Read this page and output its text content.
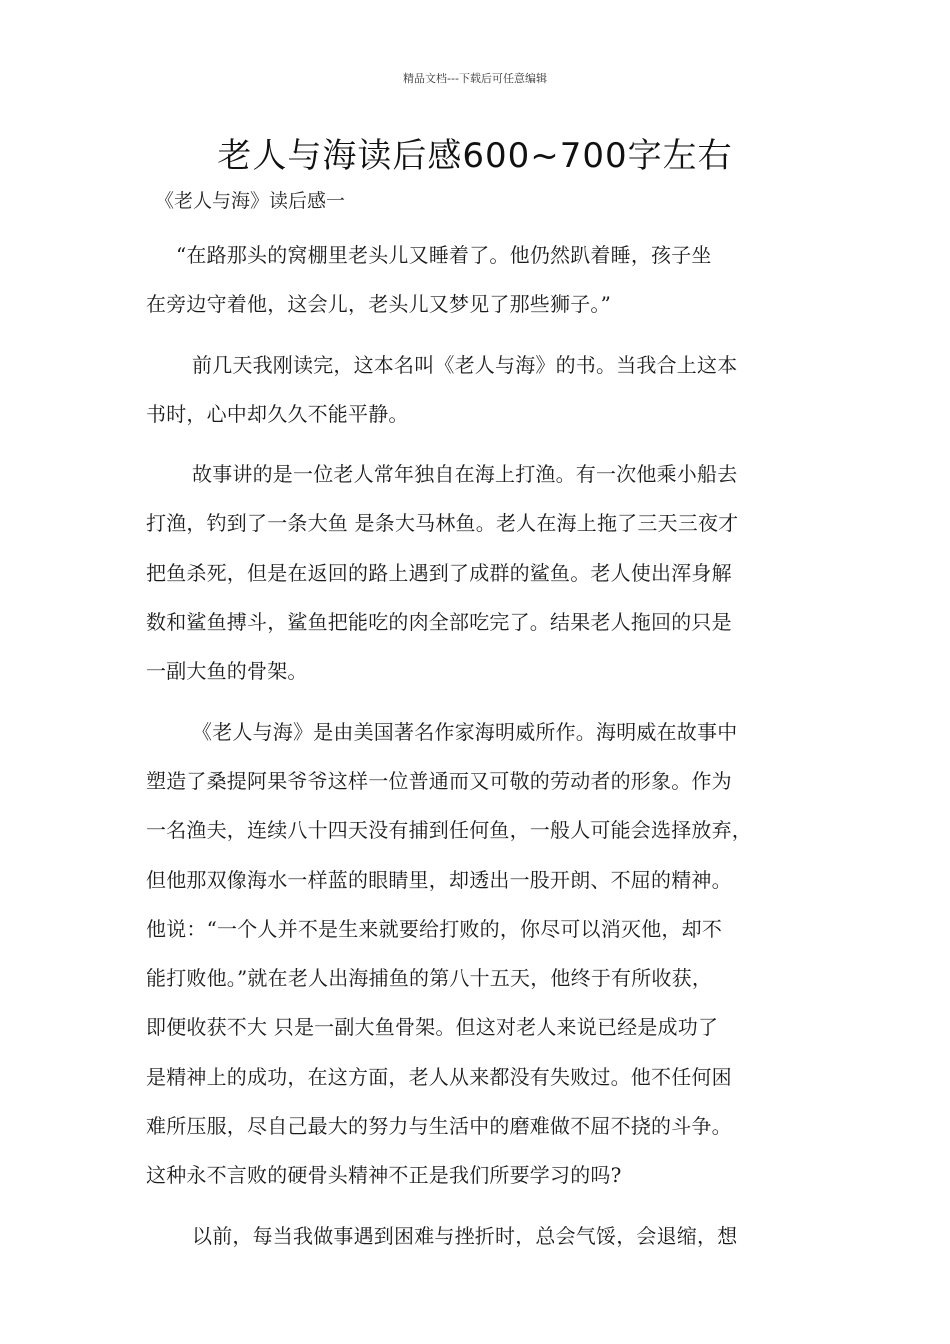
精品文档---下载后可任意编辑
老人与海读后感600~700字左右
《老人与海》读后感一
“在路那头的窝棚里老头儿又睡着了。他仍然趴着睡，孩子坐
在旁边守着他，这会儿，老头儿又梦见了那些狮子。”
前几天我刚读完，这本名叫《老人与海》的书。当我合上这本
书时，心中却久久不能平静。
故事讲的是一位老人常年独自在海上打渔。有一次他乘小船去
打渔，钓到了一条大鱼 是条大马林鱼。老人在海上拖了三天三夜才
把鱼杀死，但是在返回的路上遇到了成群的鲨鱼。老人使出浑身解
数和鲨鱼搏斗，鲨鱼把能吃的肉全部吃完了。结果老人拖回的只是
一副大鱼的骨架。
《老人与海》是由美国著名作家海明威所作。海明威在故事中
塑造了桑提阿果爷爷这样一位普通而又可敬的劳动者的形象。作为
一名渔夫，连续八十四天没有捕到任何鱼，一般人可能会选择放弃，
但他那双像海水一样蓝的眼睛里，却透出一股开朗、不屈的精神。
他说：“一个人并不是生来就要给打败的，你尽可以消灭他，却不
能打败他。”就在老人出海捕鱼的第八十五天，他终于有所收获，
即便收获不大 只是一副大鱼骨架。但这对老人来说已经是成功了
是精神上的成功，在这方面，老人从来都没有失败过。他不任何困
难所压服，尽自己最大的努力与生活中的磨难做不屈不挠的斗争。
这种永不言败的硬骨头精神不正是我们所要学习的吗?
以前，每当我做事遇到困难与挫折时，总会气馁，会退缩，想
